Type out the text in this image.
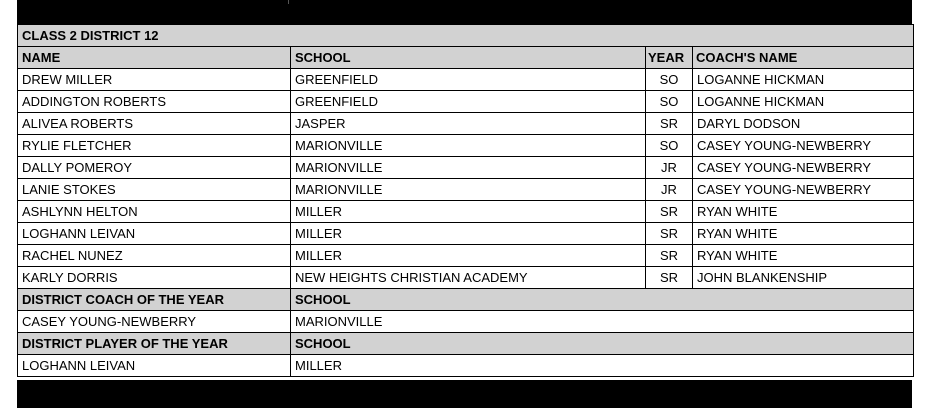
CLASS 2 DISTRICT 12			
NAME	SCHOOL	YEAR	COACH'S NAME
DREW MILLER	GREENFIELD	SO	LOGANNE HICKMAN
ADDINGTON ROBERTS	GREENFIELD	SO	LOGANNE HICKMAN
ALIVEA ROBERTS	JASPER	SR	DARYL DODSON
RYLIE FLETCHER	MARIONVILLE	SO	CASEY YOUNG-NEWBERRY
DALLY POMEROY	MARIONVILLE	JR	CASEY YOUNG-NEWBERRY
LANIE STOKES	MARIONVILLE	JR	CASEY YOUNG-NEWBERRY
ASHLYNN HELTON	MILLER	SR	RYAN WHITE
LOGHANN LEIVAN	MILLER	SR	RYAN WHITE
RACHEL NUNEZ	MILLER	SR	RYAN WHITE
KARLY DORRIS	NEW HEIGHTS CHRISTIAN ACADEMY	SR	JOHN BLANKENSHIP
DISTRICT COACH OF THE YEAR	SCHOOL		
CASEY YOUNG-NEWBERRY	MARIONVILLE		
DISTRICT PLAYER OF THE YEAR	SCHOOL		
LOGHANN LEIVAN	MILLER		
